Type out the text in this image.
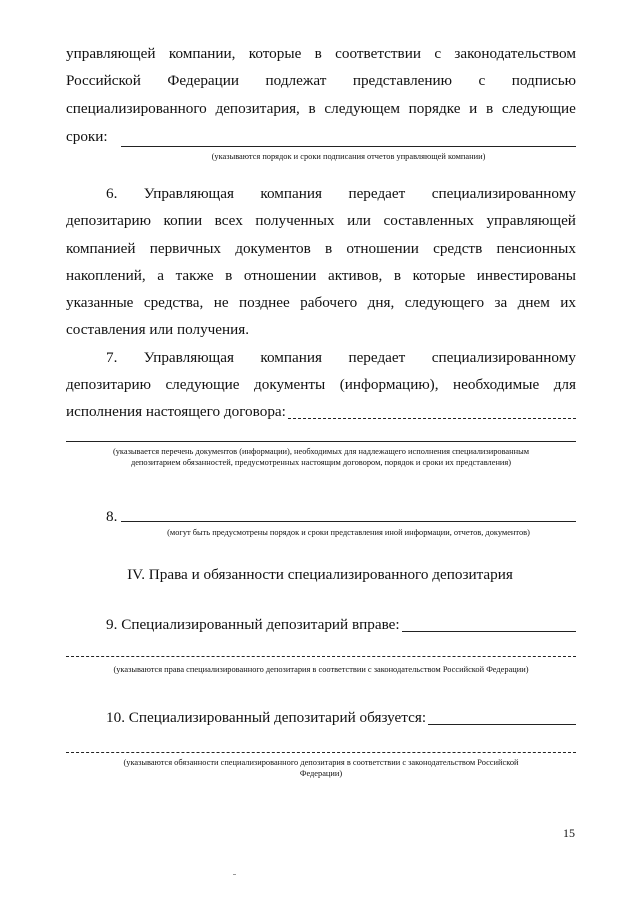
управляющей компании, которые в соответствии с законодательством
Российской Федерации подлежат представлению с подписью
специализированного депозитария, в следующем порядке и в следующие
сроки:
(указываются порядок и сроки подписания отчетов управляющей компании)
6. Управляющая компания передает специализированному
депозитарию копии всех полученных или составленных управляющей
компанией первичных документов в отношении средств пенсионных
накоплений, а также в отношении активов, в которые инвестированы
указанные средства, не позднее рабочего дня, следующего за днем их
составления или получения.
7. Управляющая компания передает специализированному
депозитарию следующие документы (информацию), необходимые для
исполнения настоящего договора:
(указывается перечень документов (информации), необходимых для надлежащего исполнения специализированным
депозитарием обязанностей, предусмотренных настоящим договором, порядок и сроки их представления)
8.
(могут быть предусмотрены порядок и сроки представления иной информации, отчетов, документов)
IV. Права и обязанности специализированного депозитария
9. Специализированный депозитарий вправе:
(указываются права специализированного депозитария в соответствии с законодательством Российской Федерации)
10. Специализированный депозитарий обязуется:
(указываются обязанности специализированного депозитария в соответствии с законодательством Российской
Федерации)
15
